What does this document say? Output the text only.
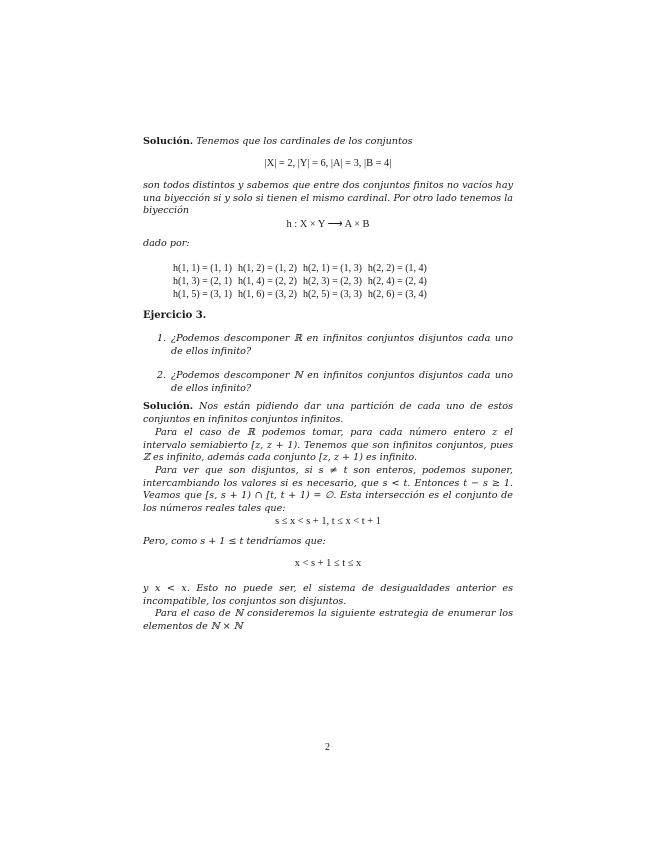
Solución. Tenemos que los cardinales de los conjuntos
|X| = 2, |Y| = 6, |A| = 3, |B = 4|
son todos distintos y sabemos que entre dos conjuntos finitos no vacíos hay una biyección si y solo si tienen el mismo cardinal. Por otro lado tenemos la biyección
h : X × Y ⟶ A × B
dado por:
h(1, 1) = (1, 1)	h(1, 2) = (1, 2)	h(2, 1) = (1, 3)	h(2, 2) = (1, 4)
h(1, 3) = (2, 1)	h(1, 4) = (2, 2)	h(2, 3) = (2, 3)	h(2, 4) = (2, 4)
h(1, 5) = (3, 1)	h(1, 6) = (3, 2)	h(2, 5) = (3, 3)	h(2, 6) = (3, 4)
Ejercicio 3.
1. ¿Podemos descomponer ℝ en infinitos conjuntos disjuntos cada uno de ellos infinito?
2. ¿Podemos descomponer ℕ en infinitos conjuntos disjuntos cada uno de ellos infinito?
Solución. Nos están pidiendo dar una partición de cada uno de estos conjuntos en infinitos conjuntos infinitos.
Para el caso de ℝ podemos tomar, para cada número entero z el intervalo semiabierto [z, z + 1). Tenemos que son infinitos conjuntos, pues ℤ es infinito, además cada conjunto [z, z + 1) es infinito.
Para ver que son disjuntos, si s ≠ t son enteros, podemos suponer, intercambiando los valores si es necesario, que s < t. Entonces t − s ≥ 1. Veamos que [s, s + 1) ∩ [t, t + 1) = ∅. Esta intersección es el conjunto de los números reales tales que:
s ≤ x < s + 1, t ≤ x < t + 1
Pero, como s + 1 ≤ t tendríamos que:
x < s + 1 ≤ t ≤ x
y x < x. Esto no puede ser, el sistema de desigualdades anterior es incompatible, los conjuntos son disjuntos.
Para el caso de ℕ consideremos la siguiente estrategia de enumerar los elementos de ℕ × ℕ
2
